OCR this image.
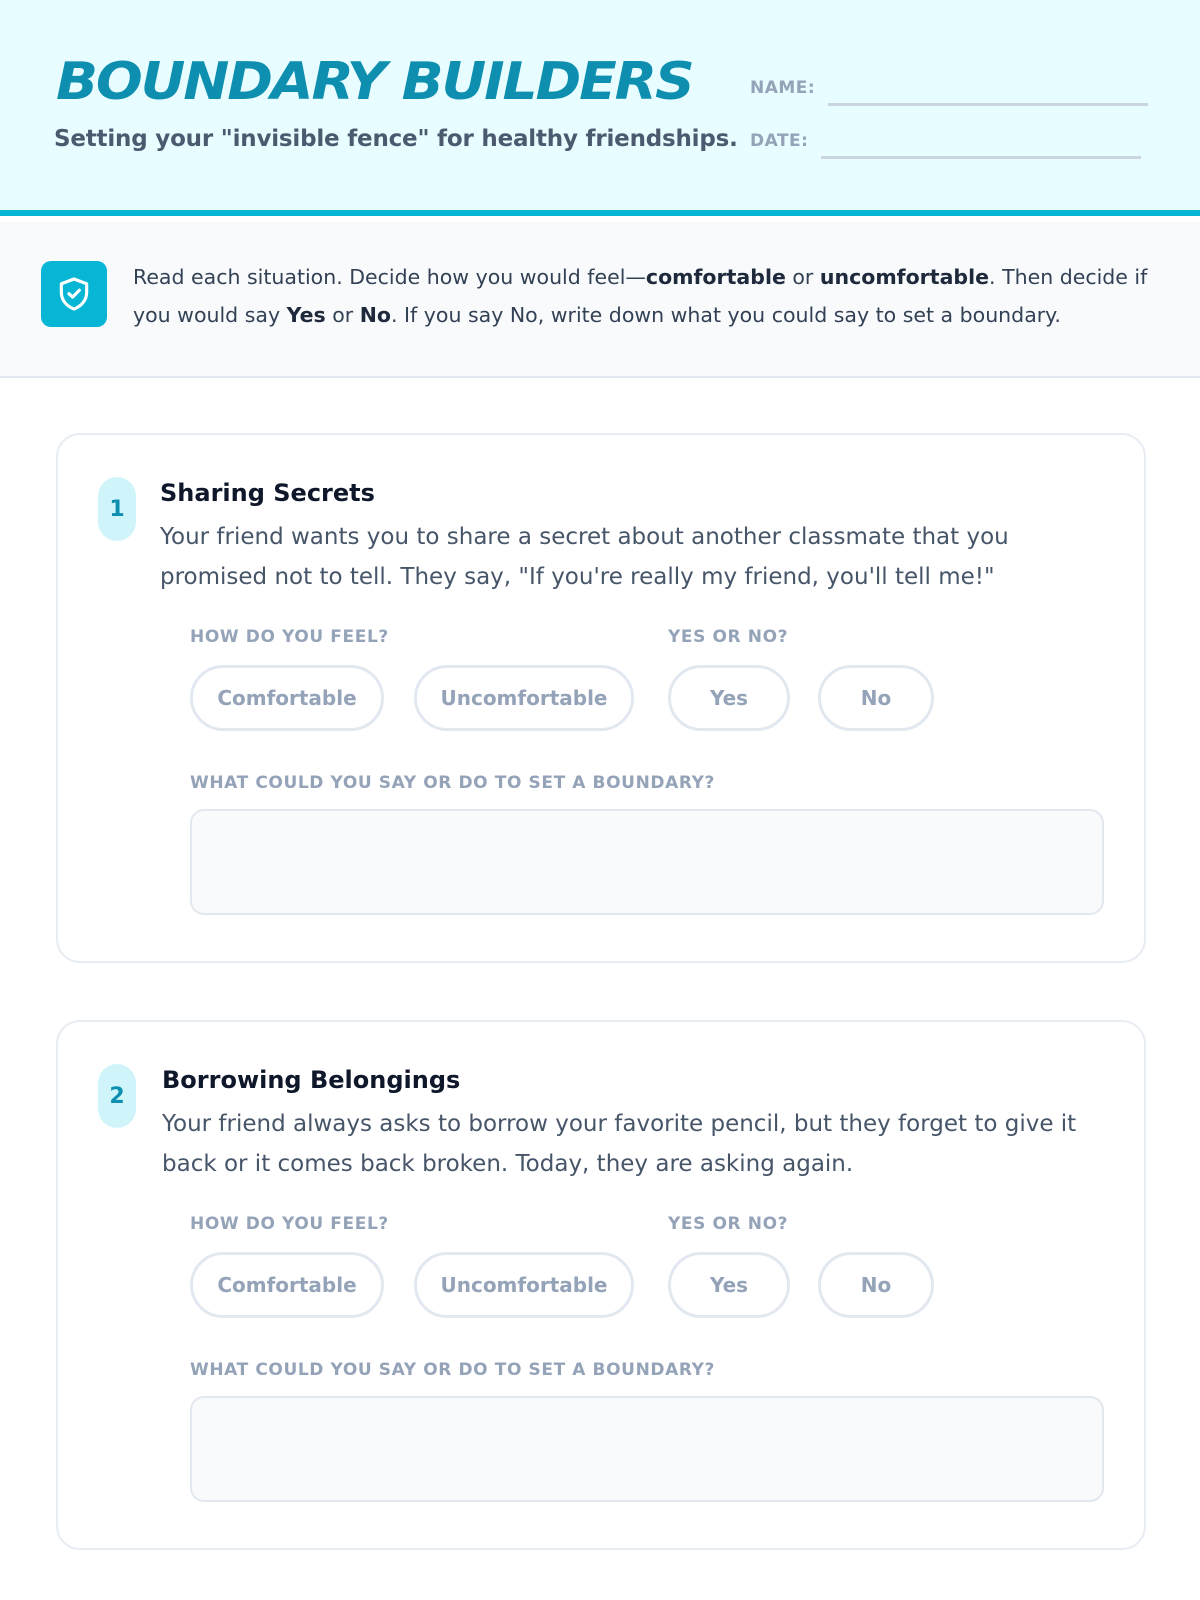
BOUNDARY BUILDERS
Setting your "invisible fence" for healthy friendships.
NAME:
DATE:
Read each situation. Decide how you would feel—comfortable or uncomfortable. Then decide if you would say Yes or No. If you say No, write down what you could say to set a boundary.
1
Sharing Secrets
Your friend wants you to share a secret about another classmate that you promised not to tell. They say, "If you're really my friend, you'll tell me!"
HOW DO YOU FEEL?	YES OR NO?
Comfortable	Uncomfortable	Yes	No
WHAT COULD YOU SAY OR DO TO SET A BOUNDARY?
2
Borrowing Belongings
Your friend always asks to borrow your favorite pencil, but they forget to give it back or it comes back broken. Today, they are asking again.
HOW DO YOU FEEL?	YES OR NO?
Comfortable	Uncomfortable	Yes	No
WHAT COULD YOU SAY OR DO TO SET A BOUNDARY?
